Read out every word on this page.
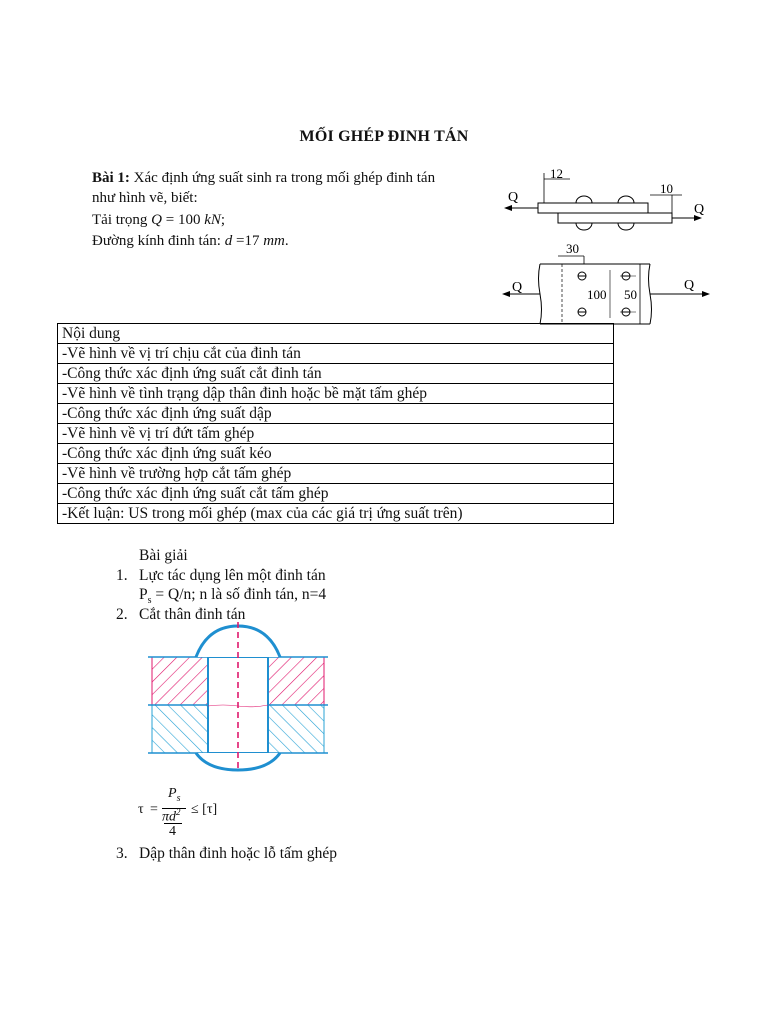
MỐI GHÉP ĐINH TÁN
Bài 1: Xác định ứng suất sinh ra trong mối ghép đinh tán
như hình vẽ, biết:
Tải trọng Q = 100 kN;
Đường kính đinh tán: d =17 mm.
12
10
Q
Q
30
100 50
Q	Q
Nội dung
-Vẽ hình về vị trí chịu cắt của đinh tán
-Công thức xác định ứng suất cắt đinh tán
-Vẽ hình về tình trạng dập thân đinh hoặc bề mặt tấm ghép
-Công thức xác định ứng suất dập
-Vẽ hình về vị trí đứt tấm ghép
-Công thức xác định ứng suất kéo
-Vẽ hình về trường hợp cắt tấm ghép
-Công thức xác định ứng suất cắt tấm ghép
-Kết luận: US trong mối ghép (max của các giá trị ứng suất trên)
Bài giải
1. Lực tác dụng lên một đinh tán
$P_s = Q/n$; n là số đinh tán, n=4
2. Cắt thân đinh tán
τ =
$P_s$
$\pi d^2$
4
≤ [τ]
3. Dập thân đinh hoặc lỗ tấm ghép
